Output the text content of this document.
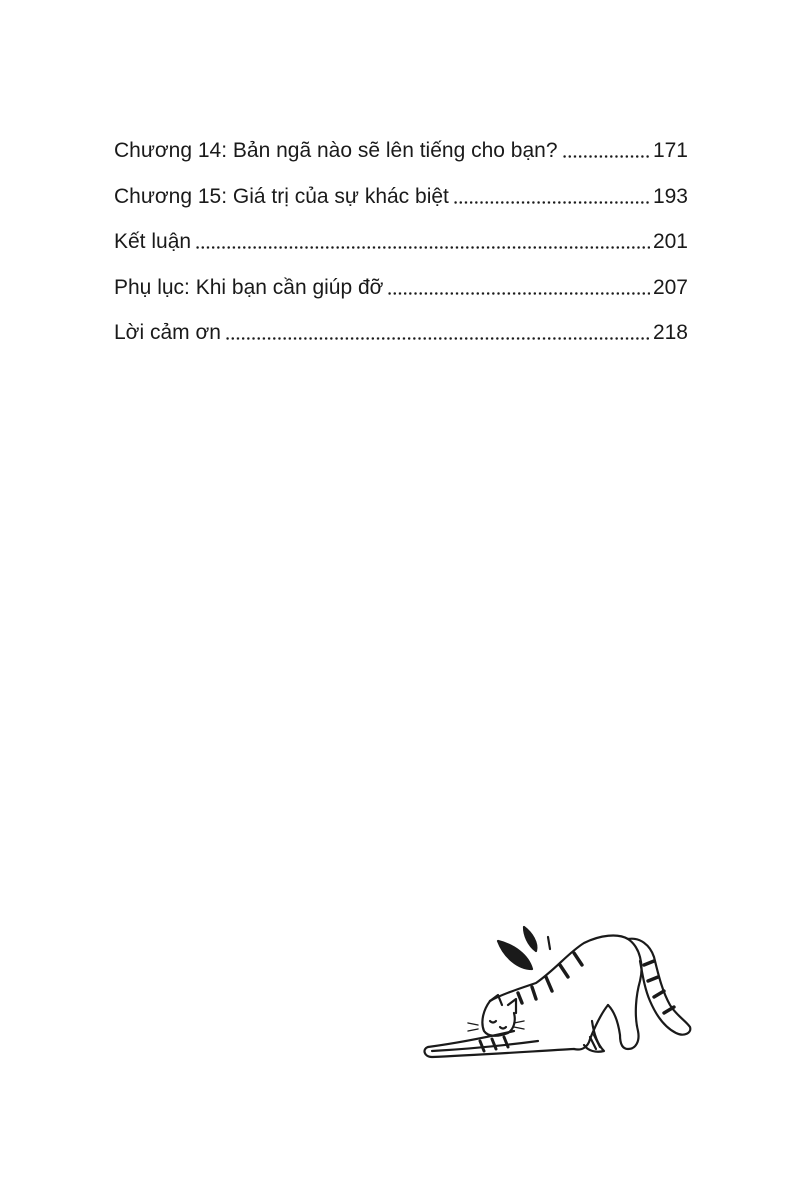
Chương 14: Bản ngã nào sẽ lên tiếng cho bạn?	171
Chương 15: Giá trị của sự khác biệt	193
Kết luận	201
Phụ lục: Khi bạn cần giúp đỡ	207
Lời cảm ơn	218
